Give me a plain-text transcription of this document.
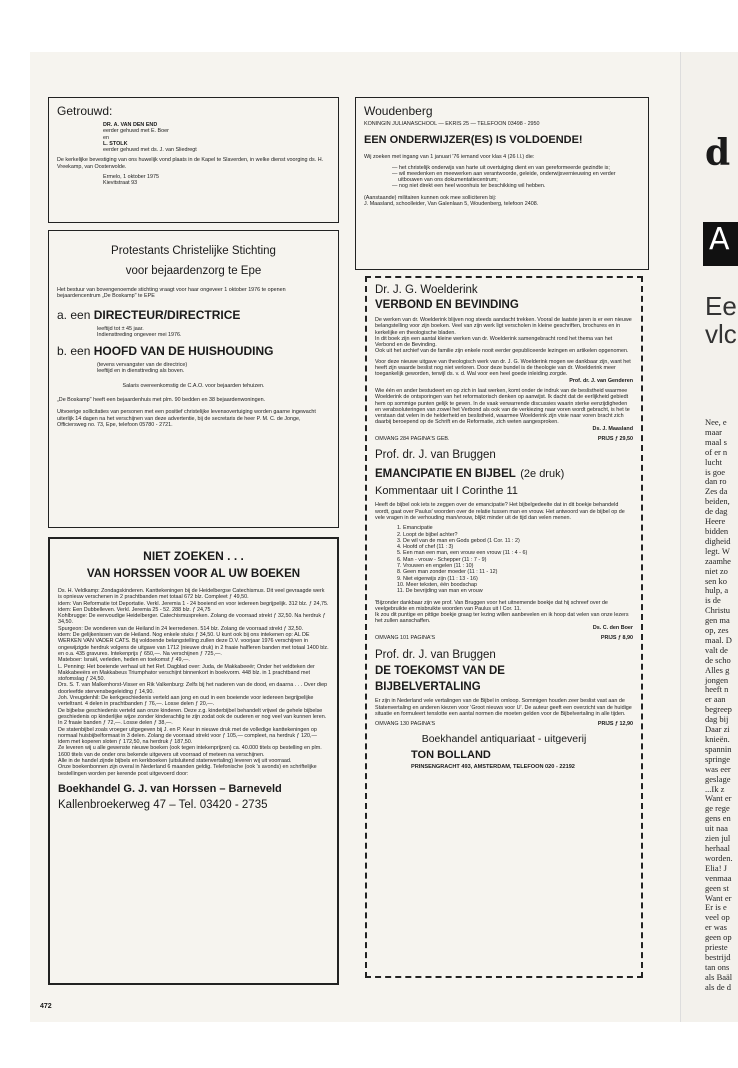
Getrouwd:
DR. A. VAN DEN END
eerder gehuwd met E. Boer
en
L. STOLK
eerder gehuwd met ds. J. van Sliedregt
De kerkelijke bevestiging van ons huwelijk vond plaats in de Kapel te Slaverden, in welke dienst voorging ds. H. Vreekamp, van Oosterwolde.
Ermelo, 1 oktober 1975
Kievitstraat 93
Protestants Christelijke Stichting
voor bejaardenzorg te Epe
Het bestuur van bovengenoemde stichting vraagt voor haar ongeveer 1 oktober 1976 te openen bejaardencentrum „De Boskamp" te EPE
a. een DIRECTEUR/DIRECTRICE
leeftijd tot ± 45 jaar.
Indiensttreding ongeveer mei 1976.
b. een HOOFD VAN DE HUISHOUDING
(tevens vervangster van de directrice)
leeftijd en in diensttreding als boven.
Salaris overeenkomstig de C.A.O. voor bejaarden tehuizen.
„De Boskamp" heeft een bejaardenhuis met plm. 90 bedden en 38 bejaardenwoningen.
Uitvoerige sollicitaties van personen met een positief christelijke levensovertuiging worden gaarne ingewacht uiterlijk 14 dagen na het verschijnen van deze advertentie, bij de secretaris de heer P. M. C. de Jonge, Officiersweg no. 73, Epe, telefoon 05780 - 2721.
NIET ZOEKEN . . .
VAN HORSSEN VOOR AL UW BOEKEN
Ds. H. Veldkamp: Zondagskinderen. Kanttekeningen bij de Heidelbergse Catechismus. Dit veel gevraagde werk is opnieuw verschenen in 2 prachtbanden met totaal 672 blz. Compleet ƒ 49,50.
idem: Van Reformatie tot Deportatie. Verkl. Jeremia 1 - 24 boeiend en voor iedereen begrijpelijk. 312 blz. ƒ 24,75.
idem: Een Dubbelleven. Verkl. Jeremia 25 - 52. 288 blz. ƒ 24,75
Kohlbrugge: De eenvoudige Heidelberger. Catechismuspreken. Zolang de voorraad strekt ƒ 32,50. Na herdruk ƒ 34,50.
Spurgeon: De wonderen van de Heiland in 24 leerredenen. 514 blz. Zolang de voorraad strekt ƒ 32,50.
idem: De gelijkenissen van de Heiland. Nog enkele stuks ƒ 34,50. U kunt ook bij ons intekenen op: AL DE WERKEN VAN VADER CATS. Bij voldoende belangstelling zullen deze D.V. voorjaar 1976 verschijnen in ongewijzigde herdruk volgens de uitgave van 1712 (nieuwe druk) in 2 fraaie halfleren banden met totaal 1400 blz. en o.a. 435 gravures. Intekenprijs ƒ 650,—. Na verschijnen ƒ 725,—.
Mateboer: Israël, verleden, heden en toekomst ƒ 49,—.
L. Penning: Het boeiende verhaal uit het Ref. Dagblad over: Juda, de Makkabeeër; Onder het veldteken der Makkabeeërs en Makkabeus Triumphator verschijnt binnenkort in boekvorm. 448 blz. in 1 prachtband met stofomslag ƒ 24,50.
Drs. S. T. van Malkenhorst-Visser en Rik Valkenburg: Zelfs bij het naderen van de dood, en daarna . . . Over diep doorleefde stervensbegeleiding ƒ 14,90.
Joh. Vreugdenhil: De kerkgeschiedenis verteld aan jong en oud in een boeiende voor iedereen begrijpelijke verteltrant. 4 delen in prachtbanden ƒ 76,—. Losse delen ƒ 20,—.
De bijbelse geschiedenis verteld aan onze kinderen. Deze z.g. kinderbijbel behandelt vrijwel de gehele bijbelse geschiedenis op kinderlijke wijze zonder kinderachtig te zijn zodat ook de ouderen er nog veel van kunnen leren. In 2 fraaie banden ƒ 72,—. Losse delen ƒ 38,—.
De statenbijbel zoals vroeger uitgegeven bij J. en P. Keur in nieuwe druk met de volledige kanttekeningen op normaal huisbijbelformaat in 3 delen. Zolang de voorraad strekt voor ƒ 105,— compleet, na herdruk ƒ 120,— idem met koperen sloten ƒ 172,50, na herdruk ƒ 187,50.
Ze leveren wij u alle gewenste nieuwe boeken (ook tegen intekenprijzen) ca. 40.000 titels op bestelling en plm. 1600 titels van de onder ons bekende uitgevers uit voorraad of meteen na verschijnen.
Alle in de handel zijnde bijbels en kerkboeken (uitsluitend statenvertaling) leveren wij uit voorraad.
Onze boekenbonnen zijn overal in Nederland 6 maanden geldig. Telefonische (ook 's avonds) en schriftelijke bestellingen worden per kerende post uitgevoerd door:
Boekhandel G. J. van Horssen – Barneveld
Kallenbroekerweg 47 – Tel. 03420 - 2735
Woudenberg
KONINGIN JULIANASCHOOL — EKRIS 25 — TELEFOON 03498 - 2950
EEN ONDERWIJZER(ES) IS VOLDOENDE!
Wij zoeken met ingang van 1 januari '76 iemand voor klas 4 (26 l.l.) die:
— het christelijk onderwijs van harte uit overtuiging dient en van gereformeerde gezindte is;
— wil meedenken en meewerken aan verantwoorde, geleide, onderwijsvernieuwing en verder uitbouwen van ons dokumentatiecentrum;
— nog niet direkt een heel woonhuis ter beschikking wil hebben.
(Aanstaande) militairen kunnen ook mee solliciteren bij:
J. Maasland, schoolleider, Van Galenlaan 5, Woudenberg, telefoon 2408.
Dr. J. G. Woelderink
VERBOND EN BEVINDING
De werken van dr. Woelderink blijven nog steeds aandacht trekken. Vooral de laatste jaren is er een nieuwe belangstelling voor zijn boeken. Veel van zijn werk ligt verscholen in kleine geschriften, brochures en in kerkelijke en theologische bladen.
In dit boek zijn een aantal kleine werken van dr. Woelderink samengebracht rond het thema van het Verbond en de Bevinding.
Ook uit het archief van de familie zijn enkele nooit eerder gepubliceerde lezingen en artikelen opgenomen.
Voor deze nieuwe uitgave van theologisch werk van dr. J. G. Woelderink mogen we dankbaar zijn, want het heeft zijn waarde beslist nog niet verloren. Door deze bundel is de theologie van dr. Woelderink meer toegankelijk geworden, terwijl ds. v. d. Wal voor een heel goede inleiding zorgde.
Prof. dr. J. van Genderen
Wie één en ander bestudeert en op zich in laat werken, komt onder de indruk van de beslistheid waarmee Woelderink de ontsporingen van het reformatorisch denken op aanwijst. Ik dacht dat de eerlijkheid gebiedt hem op sommige punten gelijk te geven. In de vaak verwarrende discussies waarin sterke eenzijdigheden en verabsoluteringen van zowel het Verbond als ook van de verkiezing naar voren wordt gebracht, is het te verstaan dat velen in de helderheid en beslistheid, waarmee Woelderink zijn visie naar voren bracht zich daarbij beroepend op de Schrift en de Reformatie, zich weten aangesproken.
Ds. J. Maasland
OMVANG 284 PAGINA'S GEB.	PRIJS ƒ 29,50
Prof. dr. J. van Bruggen
EMANCIPATIE EN BIJBEL (2e druk)
Kommentaar uit I Corinthe 11
Heeft de bijbel ook iets te zeggen over de emancipatie? Het bijbelgedeelte dat in dit boekje behandeld wordt, gaat over Paulus' woorden over de relatie tussen man en vrouw. Het antwoord van de bijbel op de vele vragen in de verhouding man/vrouw, blijkt minder uit de tijd dan velen menen.
1. Emancipatie
2. Loopt de bijbel achter?
3. De wil van de man en Gods gebod (1 Cor. 11 : 2)
4. Hoofd of chef (11 : 3)
5. Een man een man, een vrouw een vrouw (11 : 4 - 6)
6. Man - vrouw - Schepper (11 : 7 - 9)
7. Vrouwen en engelen (11 : 10)
8. Geen man zonder moeder (11 : 11 - 12)
9. Niet eigenwijs zijn (11 : 13 - 16)
10. Meer teksten, één boodschap
11. De bevrijding van man en vrouw
'Bijzonder dankbaar zijn we prof. Van Bruggen voor het uitnemende boekje dat hij schreef over de veelgebruikte en misbruikte woorden van Paulus uit I Cor. 11.
Ik zou dit puntige en pittige boekje graag ter lezing willen aanbevelen en ik hoop dat velen van onze lezers het zullen aanschaffen.
Ds. C. den Boer
OMVANG 101 PAGINA'S	PRIJS ƒ 8,90
Prof. dr. J. van Bruggen
DE TOEKOMST VAN DE
BIJBELVERTALING
Er zijn in Nederland vele vertalingen van de Bijbel in omloop. Sommigen houden zeer beslist vast aan de Statenvertaling en anderen kiezen voor 'Groot nieuws voor U'. De auteur geeft een overzicht van de huidige situatie en formuleert tenslotte een aantal normen die moeten gelden voor de Bijbelvertaling in alle tijden.
OMVANG 130 PAGINA'S	PRIJS ƒ 12,90
Boekhandel antiquariaat - uitgeverij
TON BOLLAND
PRINSENGRACHT 493, AMSTERDAM, TELEFOON 020 - 22192
472
d
A
Ee
vlc
Nee, e
maar
maal s
of er n
lucht
is goe
dan ro
Zes da
beiden,
de dag
Heere
bidden
digheid
legt. W
zaamhe
niet zo
sen ko
hulp, a
is de
Christu
gen ma
op, zes
maal. D
valt de
de scho
Alles g
jongen
heeft n
er aan
begreep
dag bij
Daar zi
knieën.
spannin
springe
was eer
geslage
...Ik z
Want er
ge rege
gens en
uit naa
zien jul
herhaal
worden.
Elia! J
venmaa
geen st
Want er
Er is e
veel op
er was
geen op
prieste
bestrijd
tan ons
als Baäl
als de d
